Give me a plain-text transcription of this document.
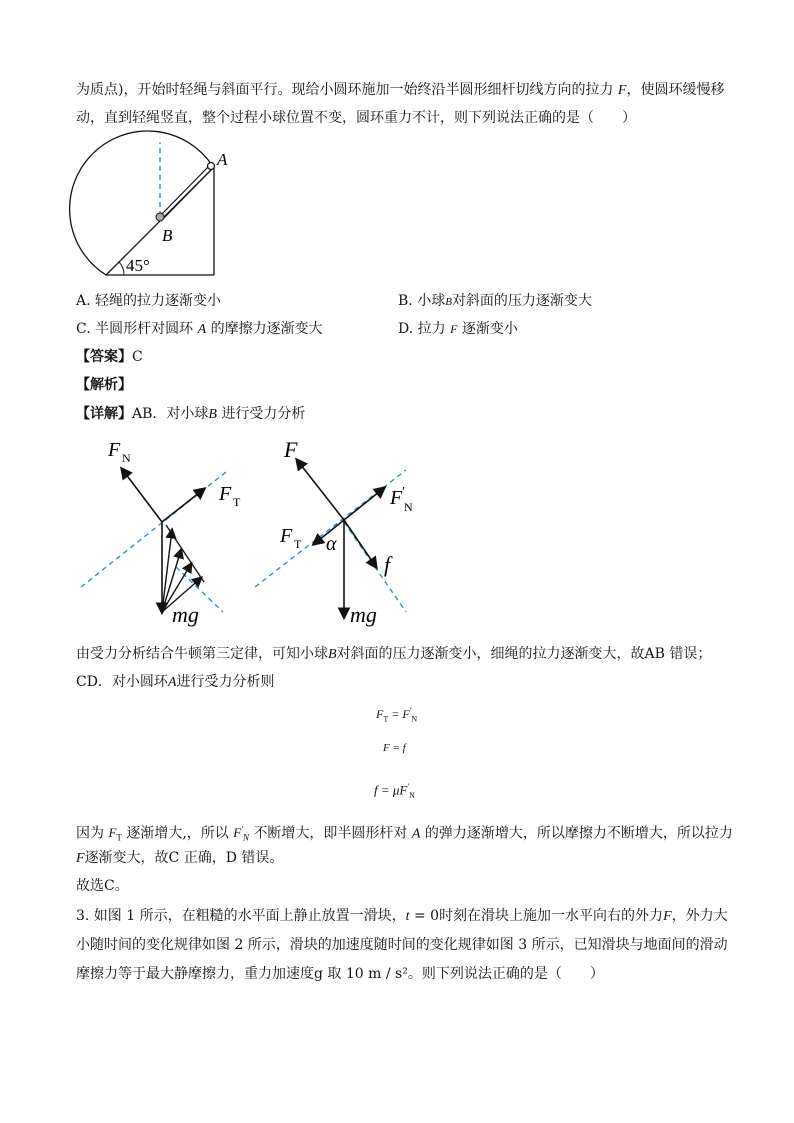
为质点)，开始时轻绳与斜面平行。现给小圆环施加一始终沿半圆形细杆切线方向的拉力 F，使圆环缓慢移
动，直到轻绳竖直，整个过程小球位置不变，圆环重力不计，则下列说法正确的是（　　）
A
B
45°
A. 轻绳的拉力逐渐变小	B. 小球B对斜面的压力逐渐变大
C. 半圆形杆对圆环 A 的摩擦力逐渐变大	D. 拉力 F 逐渐变小
【答案】C
【解析】
【详解】AB．对小球B 进行受力分析
F N
F T
mg
F
F ′
N
F T α
f
mg
由受力分析结合牛顿第三定律，可知小球B对斜面的压力逐渐变小，细绳的拉力逐渐变大，故AB 错误；
CD．对小圆环A进行受力分析则
$F_T = F'_N$
F = f
$f = \mu F'_N$
因为 $F_T$ 逐渐增大,，所以 $F'_N$ 不断增大，即半圆形杆对 A 的弹力逐渐增大，所以摩擦力不断增大，所以拉力
F逐渐变大，故C 正确，D 错误。
故选C。
3. 如图 1 所示，在粗糙的水平面上静止放置一滑块，t = 0时刻在滑块上施加一水平向右的外力F，外力大
小随时间的变化规律如图 2 所示，滑块的加速度随时间的变化规律如图 3 所示，已知滑块与地面间的滑动
摩擦力等于最大静摩擦力，重力加速度g 取 10 m / s²。则下列说法正确的是（　　）
